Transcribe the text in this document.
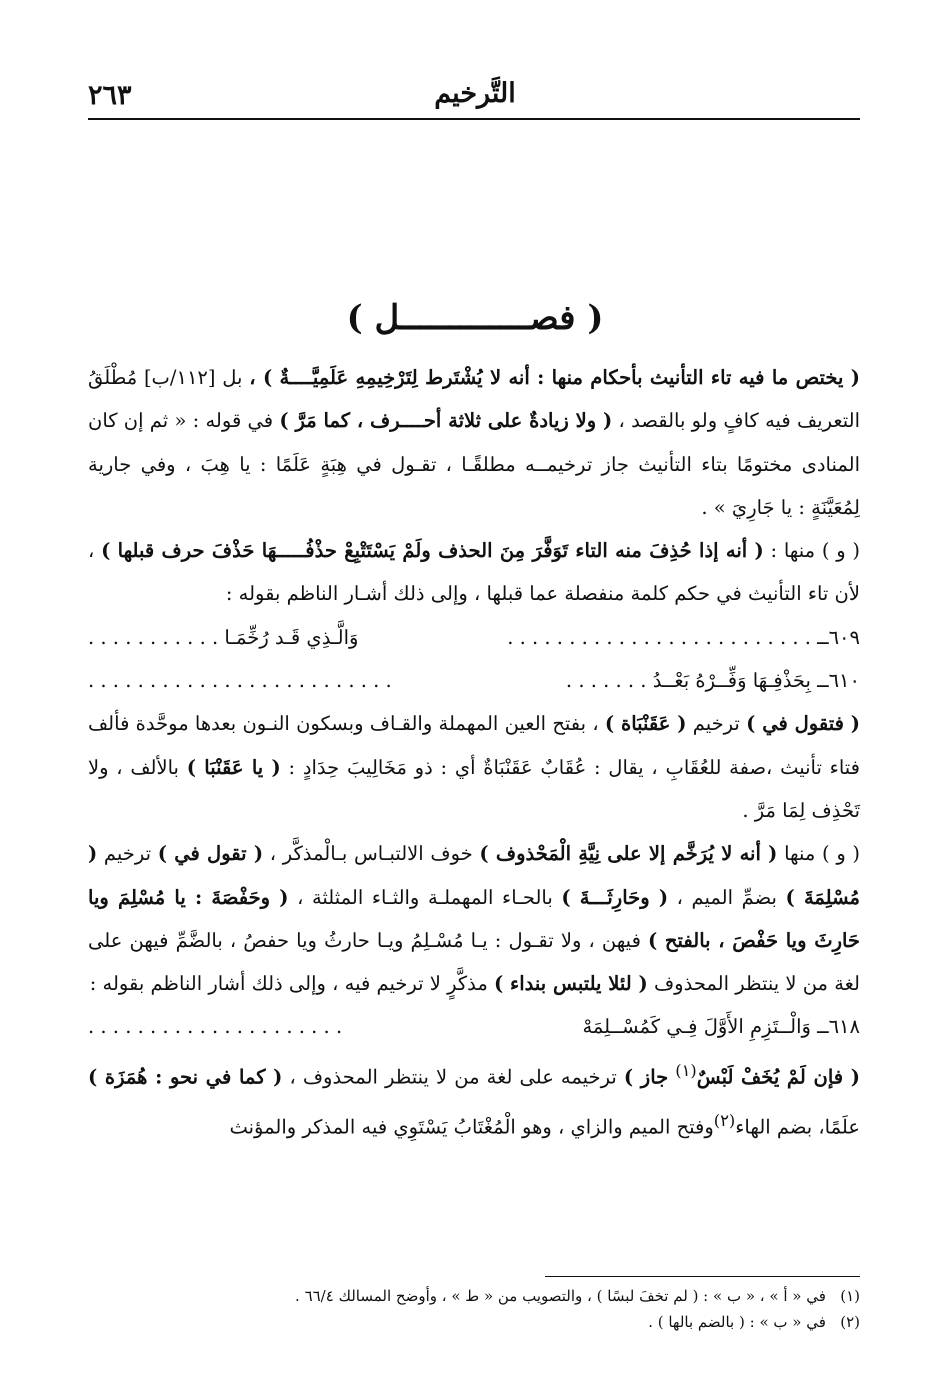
التَّرخيم
٢٦٣
( فصـــــــــــــل )

( يختص ما فيه تاء التأنيث بأحكام منها : أنه لا يُشْتَرط لِتَرْخِيمِهِ عَلَمِيَّــــةٌ ) ، بل [١١٢/ب] مُطْلَقُ التعريف فيه كافٍ ولو بالقصد ، ( ولا زيادةٌ على ثلاثة أحــــرف ، كما مَرَّ ) في قوله : « ثم إن كان المنادى مختومًا بتاء التأنيث جاز ترخيمــه مطلقًـا ، تقـول في هِبَةٍ عَلَمًا : يا هِبَ ، وفي جارية لِمُعَيَّنَةٍ : يا جَارِيَ » .

( و ) منها : ( أنه إذا حُذِفَ منه التاء تَوَفَّرَ مِنَ الحذف ولَمْ يَسْتَتْبِعْ حذْفُـــــهَا حَذْفَ حرف قبلها ) ، لأن تاء التأنيث في حكم كلمة منفصلة عما قبلها ، وإلى ذلك أشـار الناظم بقوله :

٦٠٩ــ . . . . . . . . . . . . . . . . . . . . . . . . .
وَالَّـذِي قَـد رُخِّمَـا . . . . . . . . . . .
٦١٠ــ بِحَذْفِـهَا وَفِّــرْهُ بَعْــدُ . . . . . . .
. . . . . . . . . . . . . . . . . . . . . . . . .

( فتقول في ) ترخيم ( عَقَنْبَاة ) ، بفتح العين المهملة والقـاف وبسكون النـون بعدها موحَّدة فألف فتاء تأنيث ،صفة للعُقَابِ ، يقال : عُقَابٌ عَقَنْبَاةٌ أي : ذو مَخَالِيبَ حِدَادٍ : ( يا عَقَنْبَا ) بالألف ، ولا تَحْذِف لِمَا مَرَّ .

( و ) منها ( أنه لا يُرَخَّم إلا على نِيَّةِ الْمَحْذوف ) خوف الالتبـاس بـالْمذكَّر ، ( تقول في ) ترخيم ( مُسْلِمَةَ ) بضمِّ الميم ، ( وحَارِثَـــةَ ) بالحـاء المهملـة والثـاء المثلثة ، ( وحَفْصَةَ : يا مُسْلِمَ ويا حَارِثَ ويا حَفْصَ ، بالفتح ) فيهن ، ولا تقـول : يـا مُسْـلِمُ ويـا حارثُ ويا حفصُ ، بالضَّمِّ فيهن على لغة من لا ينتظر المحذوف ( لئلا يلتبس بنداء ) مذكَّرٍ لا ترخيم فيه ، وإلى ذلك أشار الناظم بقوله :

٦١٨ــ وَالْــتَزِمِ الأَوَّلَ فِـي كَمُسْــلِمَهْ
. . . . . . . . . . . . . . . . . . . . .

( فإن لَمْ يُخَفْ لَبْسٌ$^{(١)}$ جاز ) ترخيمه على لغة من لا ينتظر المحذوف ، ( كما في نحو : هُمَزَة ) علَمًا، بضم الهاء$^{(٢)}$وفتح الميم والزاي ، وهو الْمُغْتَابُ يَسْتَوِي فيه المذكر والمؤنث

(١)   في « أ » ، « ب » : ( لم تخفَ لبسًا ) ، والتصويب من « ط » ، وأوضح المسالك ٦٦/٤ .

(٢)   في « ب » : ( بالضم بالها ) .
